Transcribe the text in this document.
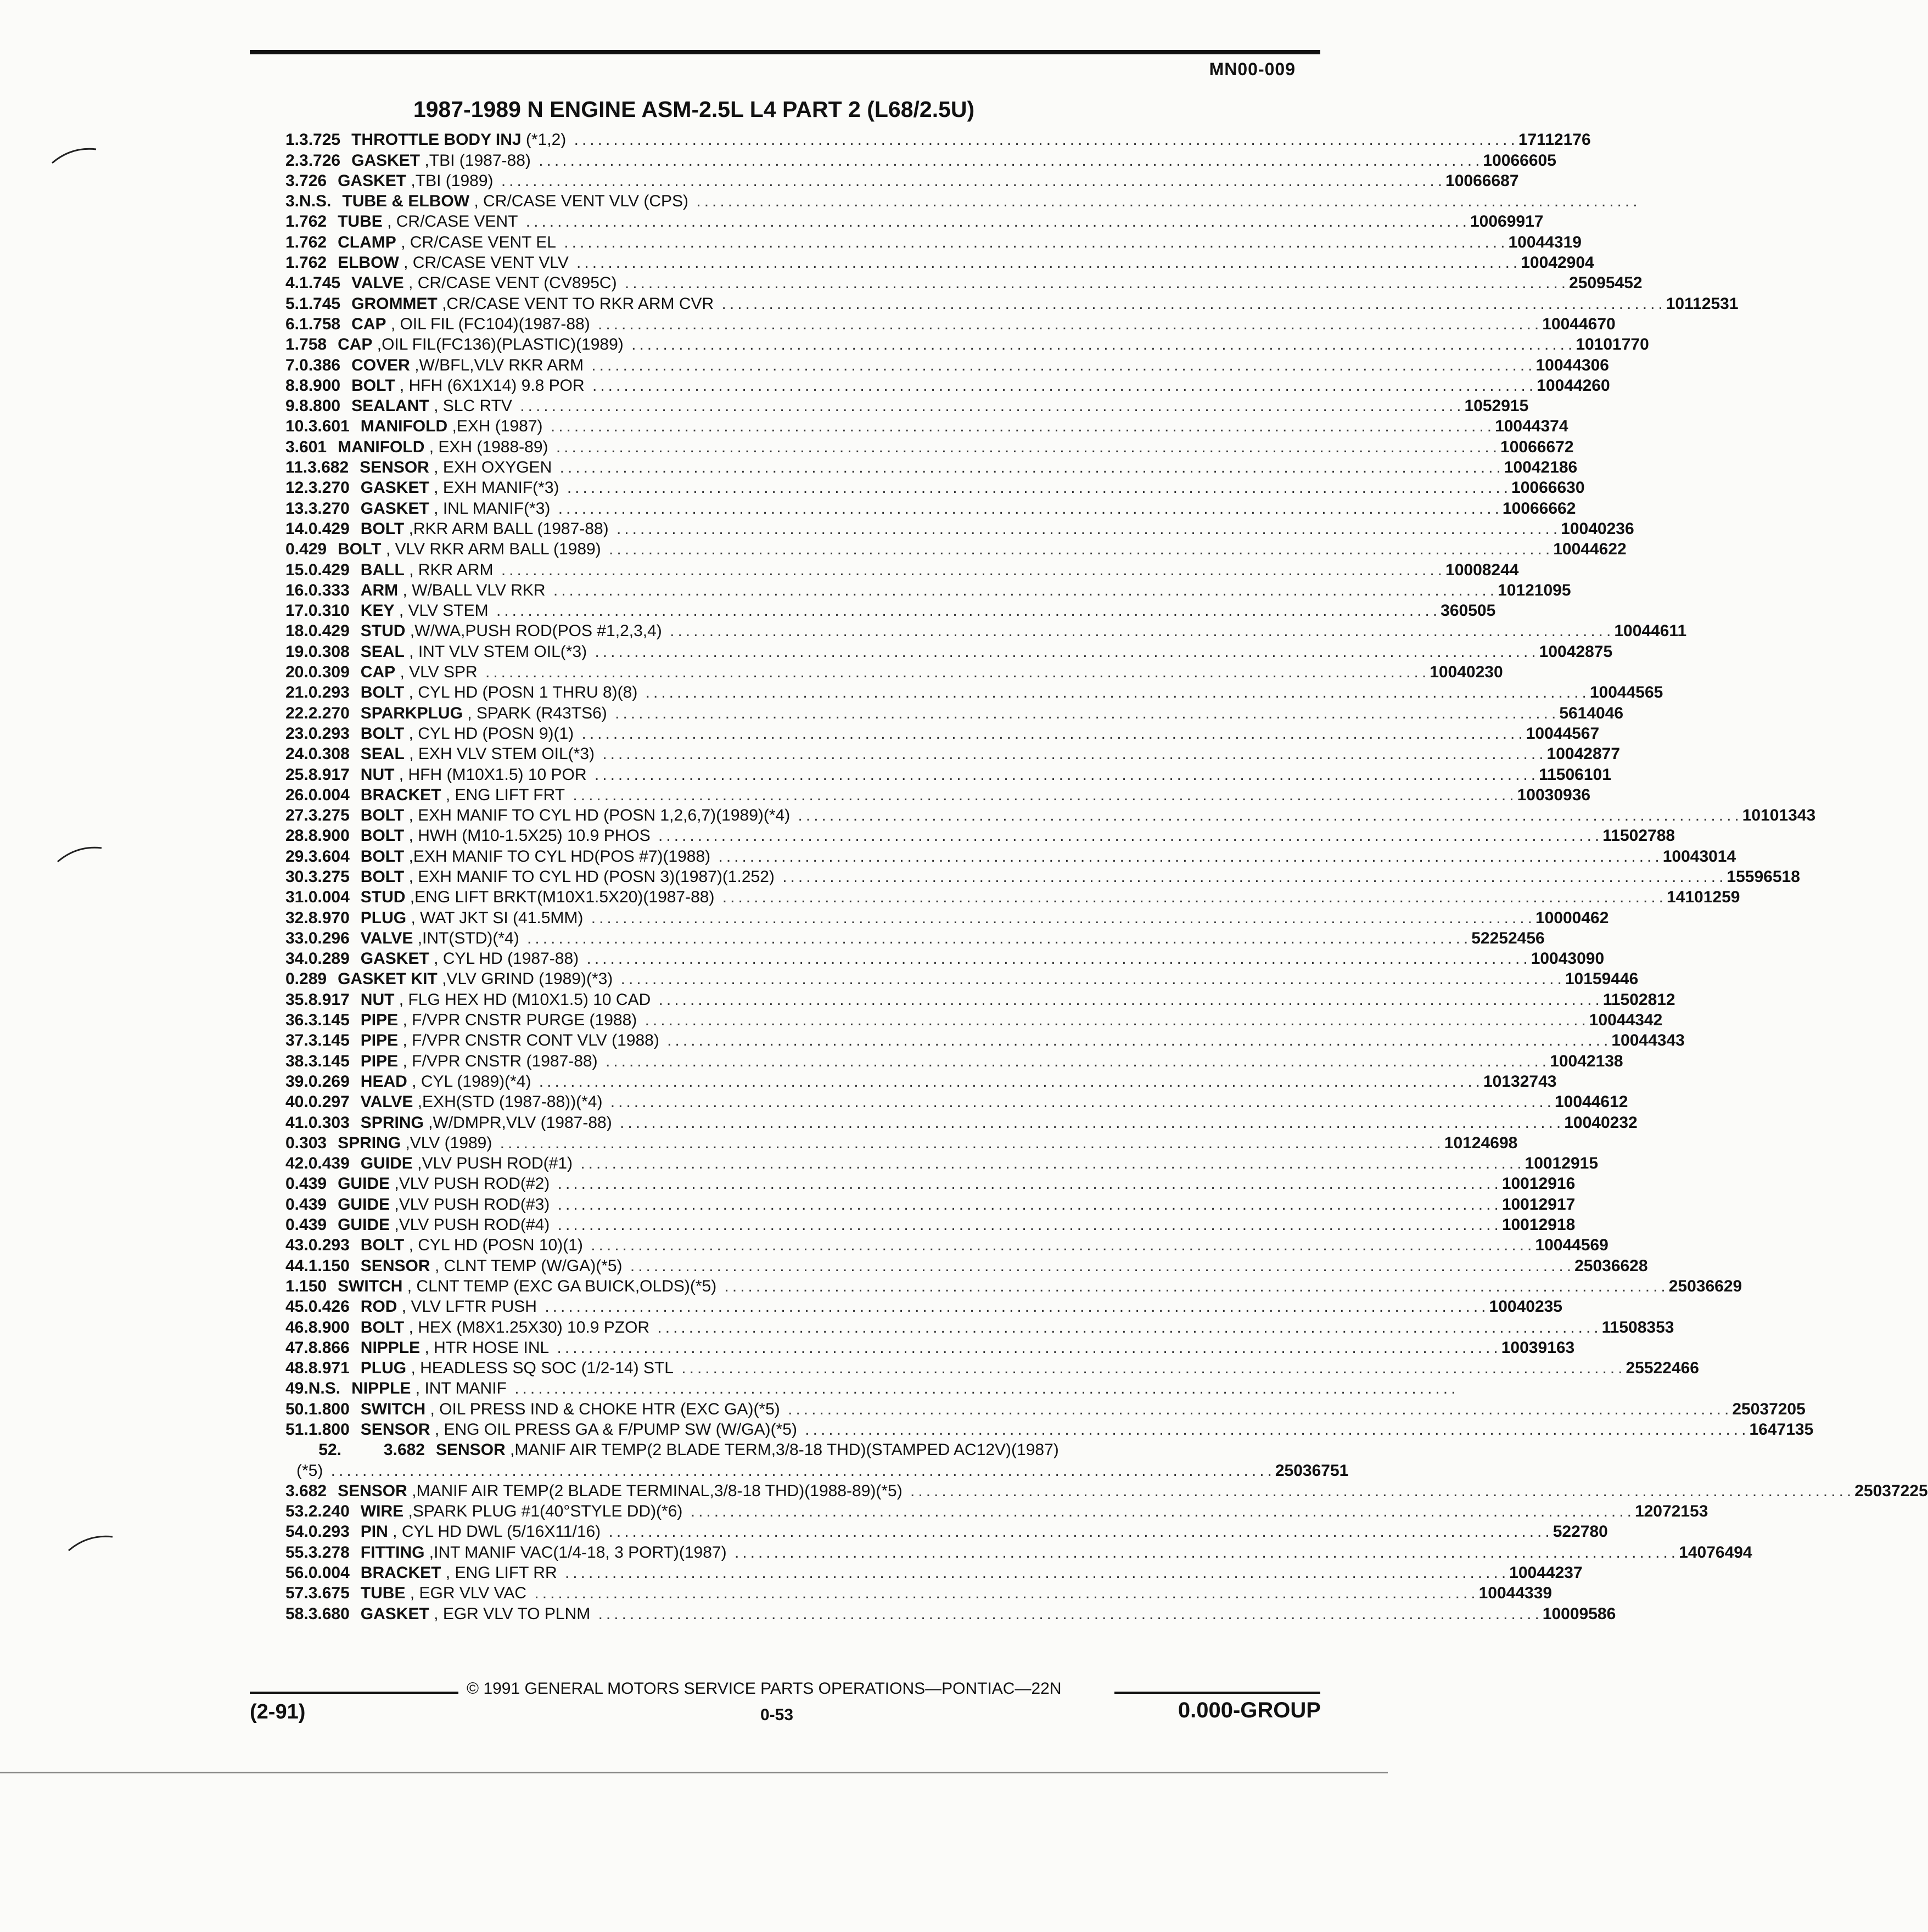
MN00-009
1987-1989 N ENGINE ASM-2.5L L4 PART 2 (L68/2.5U)
1. 3.725 THROTTLE BODY INJ (*1,2) ........................................................................................................................ 17112176
2. 3.726 GASKET ,TBI (1987-88) ........................................................................................................................ 10066605
3.726 GASKET ,TBI (1989) ........................................................................................................................ 10066687
3. N.S. TUBE & ELBOW , CR/CASE VENT VLV (CPS) ........................................................................................................................
1.762 TUBE , CR/CASE VENT ........................................................................................................................ 10069917
1.762 CLAMP , CR/CASE VENT EL ........................................................................................................................ 10044319
1.762 ELBOW , CR/CASE VENT VLV ........................................................................................................................ 10042904
4. 1.745 VALVE , CR/CASE VENT (CV895C) ........................................................................................................................ 25095452
5. 1.745 GROMMET ,CR/CASE VENT TO RKR ARM CVR ........................................................................................................................ 10112531
6. 1.758 CAP , OIL FIL (FC104)(1987-88) ........................................................................................................................ 10044670
1.758 CAP ,OIL FIL(FC136)(PLASTIC)(1989) ........................................................................................................................ 10101770
7. 0.386 COVER ,W/BFL,VLV RKR ARM ........................................................................................................................ 10044306
8. 8.900 BOLT , HFH (6X1X14) 9.8 POR ........................................................................................................................ 10044260
9. 8.800 SEALANT , SLC RTV ........................................................................................................................ 1052915
10. 3.601 MANIFOLD ,EXH (1987) ........................................................................................................................ 10044374
3.601 MANIFOLD , EXH (1988-89) ........................................................................................................................ 10066672
11. 3.682 SENSOR , EXH OXYGEN ........................................................................................................................ 10042186
12. 3.270 GASKET , EXH MANIF(*3) ........................................................................................................................ 10066630
13. 3.270 GASKET , INL MANIF(*3) ........................................................................................................................ 10066662
14. 0.429 BOLT ,RKR ARM BALL (1987-88) ........................................................................................................................ 10040236
0.429 BOLT , VLV RKR ARM BALL (1989) ........................................................................................................................ 10044622
15. 0.429 BALL , RKR ARM ........................................................................................................................ 10008244
16. 0.333 ARM , W/BALL VLV RKR ........................................................................................................................ 10121095
17. 0.310 KEY , VLV STEM ........................................................................................................................ 360505
18. 0.429 STUD ,W/WA,PUSH ROD(POS #1,2,3,4) ........................................................................................................................ 10044611
19. 0.308 SEAL , INT VLV STEM OIL(*3) ........................................................................................................................ 10042875
20. 0.309 CAP , VLV SPR ........................................................................................................................ 10040230
21. 0.293 BOLT , CYL HD (POSN 1 THRU 8)(8) ........................................................................................................................ 10044565
22. 2.270 SPARKPLUG , SPARK (R43TS6) ........................................................................................................................ 5614046
23. 0.293 BOLT , CYL HD (POSN 9)(1) ........................................................................................................................ 10044567
24. 0.308 SEAL , EXH VLV STEM OIL(*3) ........................................................................................................................ 10042877
25. 8.917 NUT , HFH (M10X1.5) 10 POR ........................................................................................................................ 11506101
26. 0.004 BRACKET , ENG LIFT FRT ........................................................................................................................ 10030936
27. 3.275 BOLT , EXH MANIF TO CYL HD (POSN 1,2,6,7)(1989)(*4) ........................................................................................................................ 10101343
28. 8.900 BOLT , HWH (M10-1.5X25) 10.9 PHOS ........................................................................................................................ 11502788
29. 3.604 BOLT ,EXH MANIF TO CYL HD(POS #7)(1988) ........................................................................................................................ 10043014
30. 3.275 BOLT , EXH MANIF TO CYL HD (POSN 3)(1987)(1.252) ........................................................................................................................ 15596518
31. 0.004 STUD ,ENG LIFT BRKT(M10X1.5X20)(1987-88) ........................................................................................................................ 14101259
32. 8.970 PLUG , WAT JKT SI (41.5MM) ........................................................................................................................ 10000462
33. 0.296 VALVE ,INT(STD)(*4) ........................................................................................................................ 52252456
34. 0.289 GASKET , CYL HD (1987-88) ........................................................................................................................ 10043090
0.289 GASKET KIT ,VLV GRIND (1989)(*3) ........................................................................................................................ 10159446
35. 8.917 NUT , FLG HEX HD (M10X1.5) 10 CAD ........................................................................................................................ 11502812
36. 3.145 PIPE , F/VPR CNSTR PURGE (1988) ........................................................................................................................ 10044342
37. 3.145 PIPE , F/VPR CNSTR CONT VLV (1988) ........................................................................................................................ 10044343
38. 3.145 PIPE , F/VPR CNSTR (1987-88) ........................................................................................................................ 10042138
39. 0.269 HEAD , CYL (1989)(*4) ........................................................................................................................ 10132743
40. 0.297 VALVE ,EXH(STD (1987-88))(*4) ........................................................................................................................ 10044612
41. 0.303 SPRING ,W/DMPR,VLV (1987-88) ........................................................................................................................ 10040232
0.303 SPRING ,VLV (1989) ........................................................................................................................ 10124698
42. 0.439 GUIDE ,VLV PUSH ROD(#1) ........................................................................................................................ 10012915
0.439 GUIDE ,VLV PUSH ROD(#2) ........................................................................................................................ 10012916
0.439 GUIDE ,VLV PUSH ROD(#3) ........................................................................................................................ 10012917
0.439 GUIDE ,VLV PUSH ROD(#4) ........................................................................................................................ 10012918
43. 0.293 BOLT , CYL HD (POSN 10)(1) ........................................................................................................................ 10044569
44. 1.150 SENSOR , CLNT TEMP (W/GA)(*5) ........................................................................................................................ 25036628
1.150 SWITCH , CLNT TEMP (EXC GA BUICK,OLDS)(*5) ........................................................................................................................ 25036629
45. 0.426 ROD , VLV LFTR PUSH ........................................................................................................................ 10040235
46. 8.900 BOLT , HEX (M8X1.25X30) 10.9 PZOR ........................................................................................................................ 11508353
47. 8.866 NIPPLE , HTR HOSE INL ........................................................................................................................ 10039163
48. 8.971 PLUG , HEADLESS SQ SOC (1/2-14) STL ........................................................................................................................ 25522466
49. N.S. NIPPLE , INT MANIF ........................................................................................................................
50. 1.800 SWITCH , OIL PRESS IND & CHOKE HTR (EXC GA)(*5) ........................................................................................................................ 25037205
51. 1.800 SENSOR , ENG OIL PRESS GA & F/PUMP SW (W/GA)(*5) ........................................................................................................................ 1647135
52.	3.682 SENSOR ,MANIF AIR TEMP(2 BLADE TERM,3/8-18 THD)(STAMPED AC12V)(1987)
(*5) ........................................................................................................................ 25036751
3.682 SENSOR ,MANIF AIR TEMP(2 BLADE TERMINAL,3/8-18 THD)(1988-89)(*5) ........................................................................................................................ 25037225
53. 2.240 WIRE ,SPARK PLUG #1(40°STYLE DD)(*6) ........................................................................................................................ 12072153
54. 0.293 PIN , CYL HD DWL (5/16X11/16) ........................................................................................................................ 522780
55. 3.278 FITTING ,INT MANIF VAC(1/4-18, 3 PORT)(1987) ........................................................................................................................ 14076494
56. 0.004 BRACKET , ENG LIFT RR ........................................................................................................................ 10044237
57. 3.675 TUBE , EGR VLV VAC ........................................................................................................................ 10044339
58. 3.680 GASKET , EGR VLV TO PLNM ........................................................................................................................ 10009586
© 1991 GENERAL MOTORS SERVICE PARTS OPERATIONS—PONTIAC—22N
(2-91)	0-53	0.000-GROUP
